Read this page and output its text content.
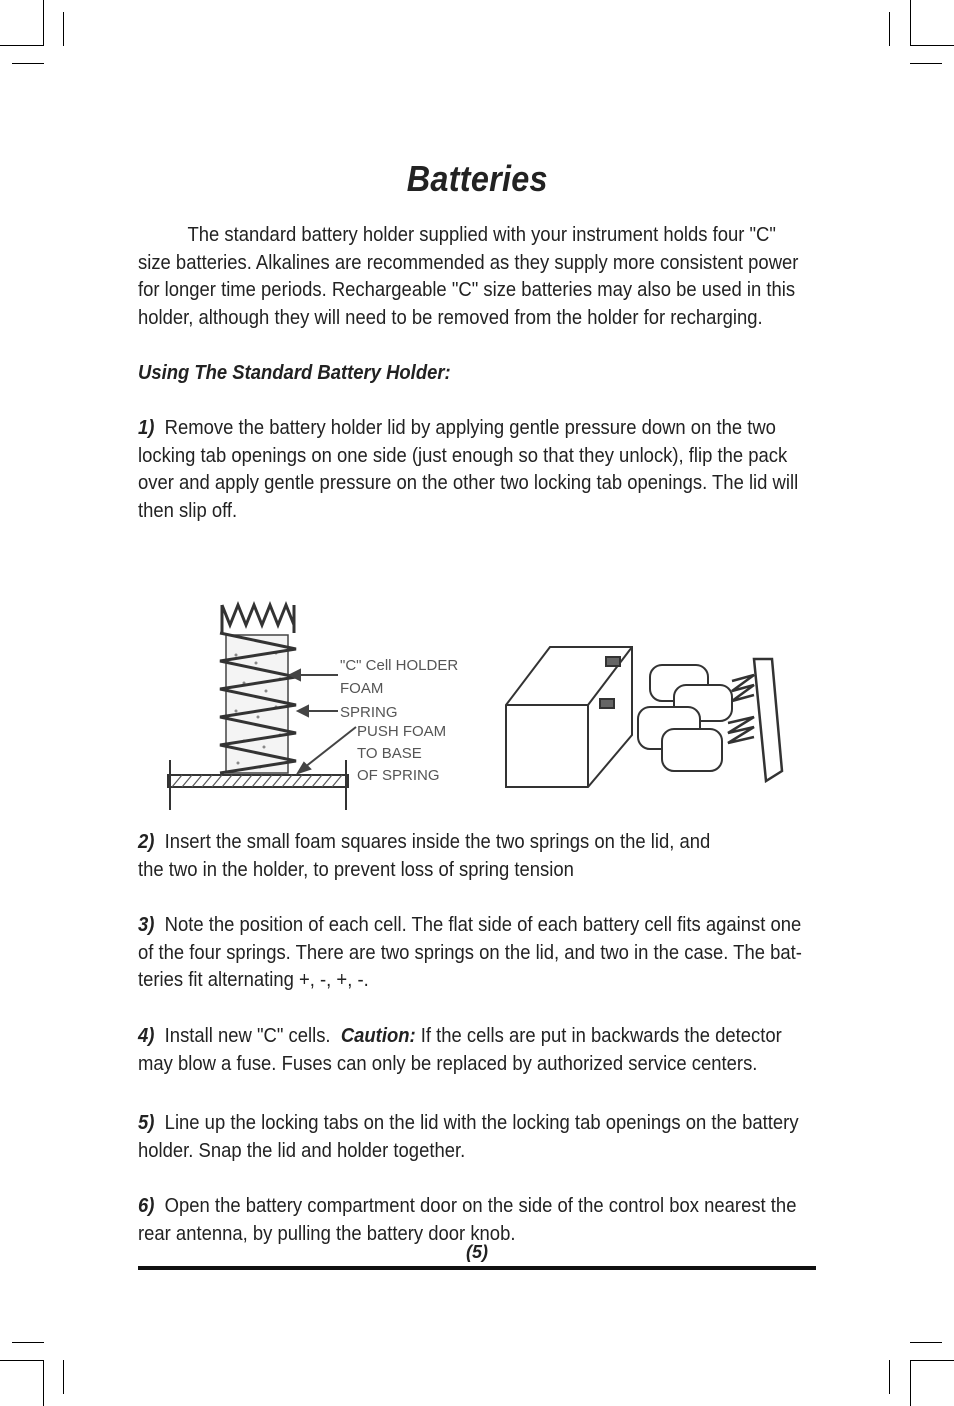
Batteries
The standard battery holder supplied with your instrument holds four "C"
size batteries. Alkalines are recommended as they supply more consistent power
for longer time periods. Rechargeable "C" size batteries may also be used in this
holder, although they will need to be removed from the holder for recharging.
Using The Standard Battery Holder:
1) Remove the battery holder lid by applying gentle pressure down on the two
locking tab openings on one side (just enough so that they unlock), flip the pack
over and apply gentle pressure on the other two locking tab openings. The lid will
then slip off.
"C" Cell HOLDER
FOAM
SPRING
PUSH FOAM
TO BASE
OF SPRING
2) Insert the small foam squares inside the two springs on the lid, and
the two in the holder, to prevent loss of spring tension
3) Note the position of each cell. The flat side of each battery cell fits against one
of the four springs. There are two springs on the lid, and two in the case. The bat-
teries fit alternating +, -, +, -.
4) Install new "C" cells. Caution: If the cells are put in backwards the detector
may blow a fuse. Fuses can only be replaced by authorized service centers.
5) Line up the locking tabs on the lid with the locking tab openings on the battery
holder. Snap the lid and holder together.
6) Open the battery compartment door on the side of the control box nearest the
rear antenna, by pulling the battery door knob.
(5)
